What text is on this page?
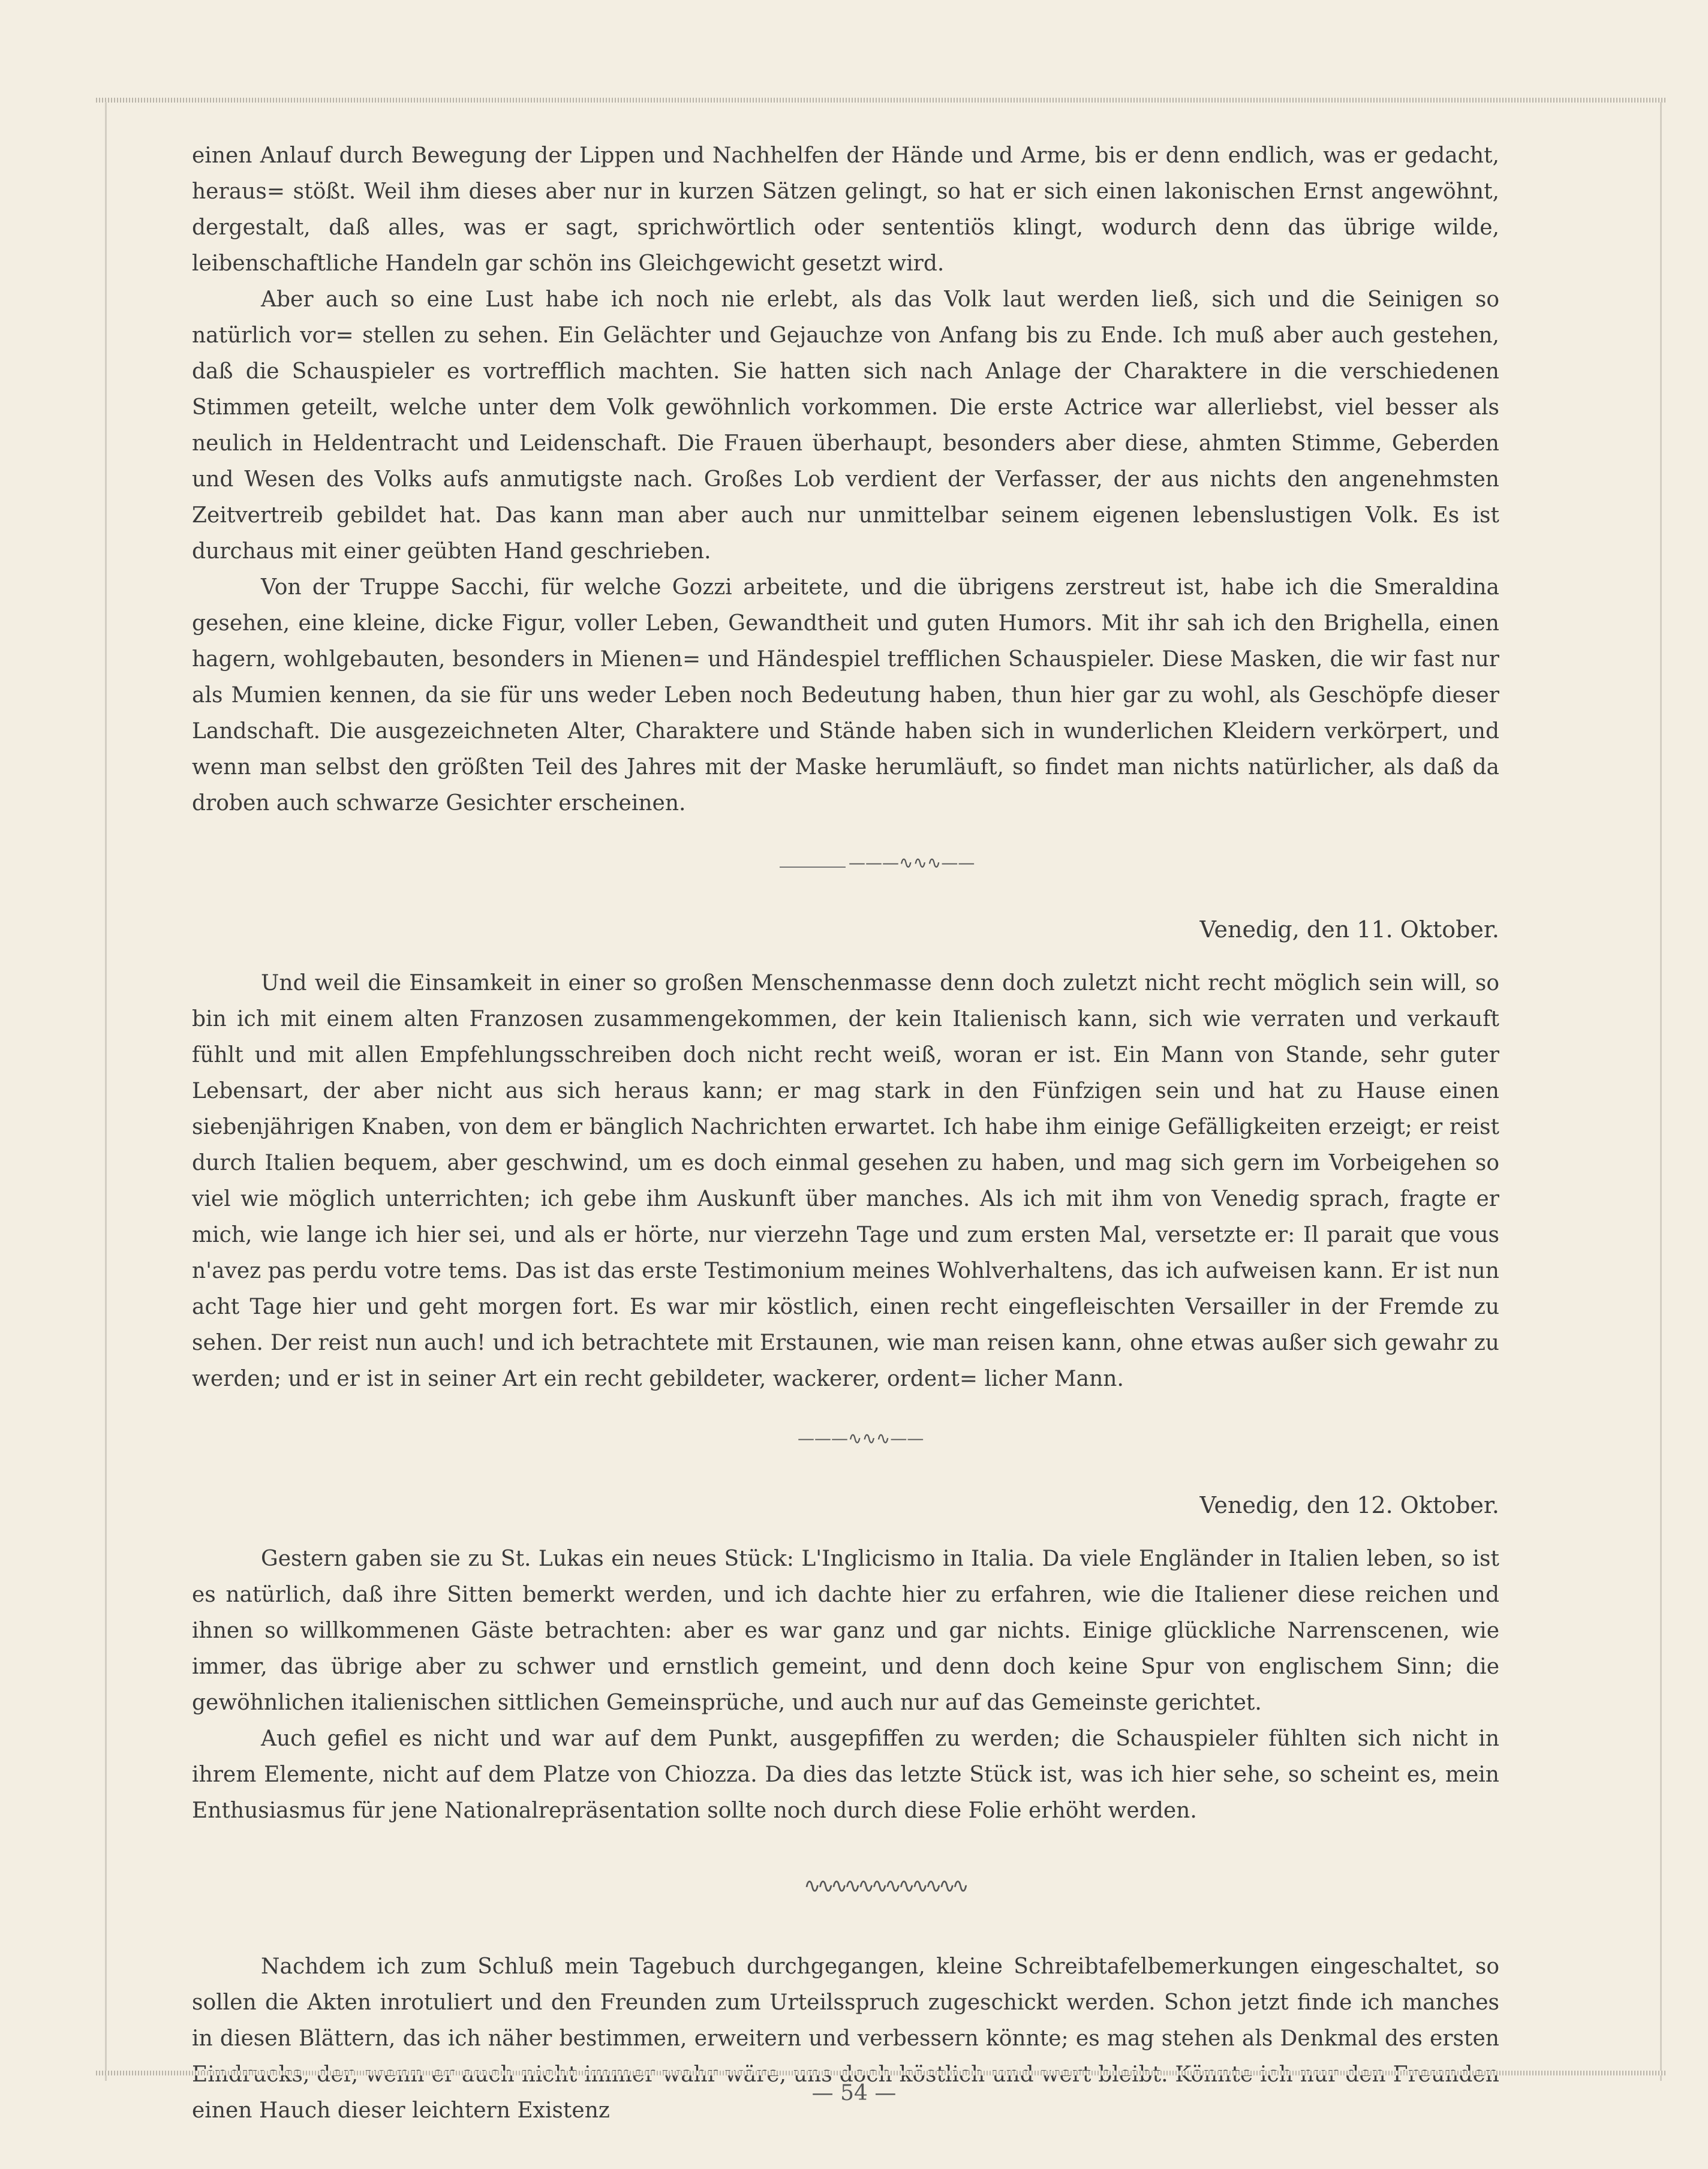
einen Anlauf durch Bewegung der Lippen und Nachhelfen der Hände und Arme, bis er denn endlich, was er gedacht, heraus= stößt. Weil ihm dieses aber nur in kurzen Sätzen gelingt, so hat er sich einen lakonischen Ernst angewöhnt, dergestalt, daß alles, was er sagt, sprichwörtlich oder sententiös klingt, wodurch denn das übrige wilde, leibenschaftliche Handeln gar schön ins Gleichgewicht gesetzt wird.

Aber auch so eine Lust habe ich noch nie erlebt, als das Volk laut werden ließ, sich und die Seinigen so natürlich vor= stellen zu sehen. Ein Gelächter und Gejauchze von Anfang bis zu Ende. Ich muß aber auch gestehen, daß die Schauspieler es vortrefflich machten. Sie hatten sich nach Anlage der Charaktere in die verschiedenen Stimmen geteilt, welche unter dem Volk gewöhnlich vorkommen. Die erste Actrice war allerliebst, viel besser als neulich in Heldentracht und Leidenschaft. Die Frauen überhaupt, besonders aber diese, ahmten Stimme, Geberden und Wesen des Volks aufs anmutigste nach. Großes Lob verdient der Verfasser, der aus nichts den angenehmsten Zeitvertreib gebildet hat. Das kann man aber auch nur unmittelbar seinem eigenen lebenslustigen Volk. Es ist durchaus mit einer geübten Hand geschrieben.

Von der Truppe Sacchi, für welche Gozzi arbeitete, und die übrigens zerstreut ist, habe ich die Smeraldina gesehen, eine kleine, dicke Figur, voller Leben, Gewandtheit und guten Humors. Mit ihr sah ich den Brighella, einen hagern, wohlgebauten, besonders in Mienen= und Händespiel trefflichen Schauspieler. Diese Masken, die wir fast nur als Mumien kennen, da sie für uns weder Leben noch Bedeutung haben, thun hier gar zu wohl, als Geschöpfe dieser Landschaft. Die ausgezeichneten Alter, Charaktere und Stände haben sich in wunderlichen Kleidern verkörpert, und wenn man selbst den größten Teil des Jahres mit der Maske herumläuft, so findet man nichts natürlicher, als daß da droben auch schwarze Gesichter erscheinen.

———∿∿∿——

Venedig, den 11. Oktober.

Und weil die Einsamkeit in einer so großen Menschenmasse denn doch zuletzt nicht recht möglich sein will, so bin ich mit einem alten Franzosen zusammengekommen, der kein Italienisch kann, sich wie verraten und verkauft fühlt und mit allen Empfehlungsschreiben doch nicht recht weiß, woran er ist. Ein Mann von Stande, sehr guter Lebensart, der aber nicht aus sich heraus kann; er mag stark in den Fünfzigen sein und hat zu Hause einen siebenjährigen Knaben, von dem er bänglich Nachrichten erwartet. Ich habe ihm einige Gefälligkeiten erzeigt; er reist durch Italien bequem, aber geschwind, um es doch einmal gesehen zu haben, und mag sich gern im Vorbeigehen so viel wie möglich unterrichten; ich gebe ihm Auskunft über manches. Als ich mit ihm von Venedig sprach, fragte er mich, wie lange ich hier sei, und als er hörte, nur vierzehn Tage und zum ersten Mal, versetzte er: Il parait que vous n'avez pas perdu votre tems. Das ist das erste Testimonium meines Wohlverhaltens, das ich aufweisen kann. Er ist nun acht Tage hier und geht morgen fort. Es war mir köstlich, einen recht eingefleischten Versailler in der Fremde zu sehen. Der reist nun auch! und ich betrachtete mit Erstaunen, wie man reisen kann, ohne etwas außer sich gewahr zu werden; und er ist in seiner Art ein recht gebildeter, wackerer, ordent= licher Mann.

———∿∿∿——

Venedig, den 12. Oktober.

Gestern gaben sie zu St. Lukas ein neues Stück: L'Inglicismo in Italia. Da viele Engländer in Italien leben, so ist es natürlich, daß ihre Sitten bemerkt werden, und ich dachte hier zu erfahren, wie die Italiener diese reichen und ihnen so willkommenen Gäste betrachten: aber es war ganz und gar nichts. Einige glückliche Narrenscenen, wie immer, das übrige aber zu schwer und ernstlich gemeint, und denn doch keine Spur von englischem Sinn; die gewöhnlichen italienischen sittlichen Gemeinsprüche, und auch nur auf das Gemeinste gerichtet.

Auch gefiel es nicht und war auf dem Punkt, ausgepfiffen zu werden; die Schauspieler fühlten sich nicht in ihrem Elemente, nicht auf dem Platze von Chiozza. Da dies das letzte Stück ist, was ich hier sehe, so scheint es, mein Enthusiasmus für jene Nationalrepräsentation sollte noch durch diese Folie erhöht werden.

∿∿∿∿∿∿∿∿∿∿∿∿

Nachdem ich zum Schluß mein Tagebuch durchgegangen, kleine Schreibtafelbemerkungen eingeschaltet, so sollen die Akten inrotuliert und den Freunden zum Urteilsspruch zugeschickt werden. Schon jetzt finde ich manches in diesen Blättern, das ich näher bestimmen, erweitern und verbessern könnte; es mag stehen als Denkmal des ersten einen Hauch dieser leichtern Existenz

— 54 —
